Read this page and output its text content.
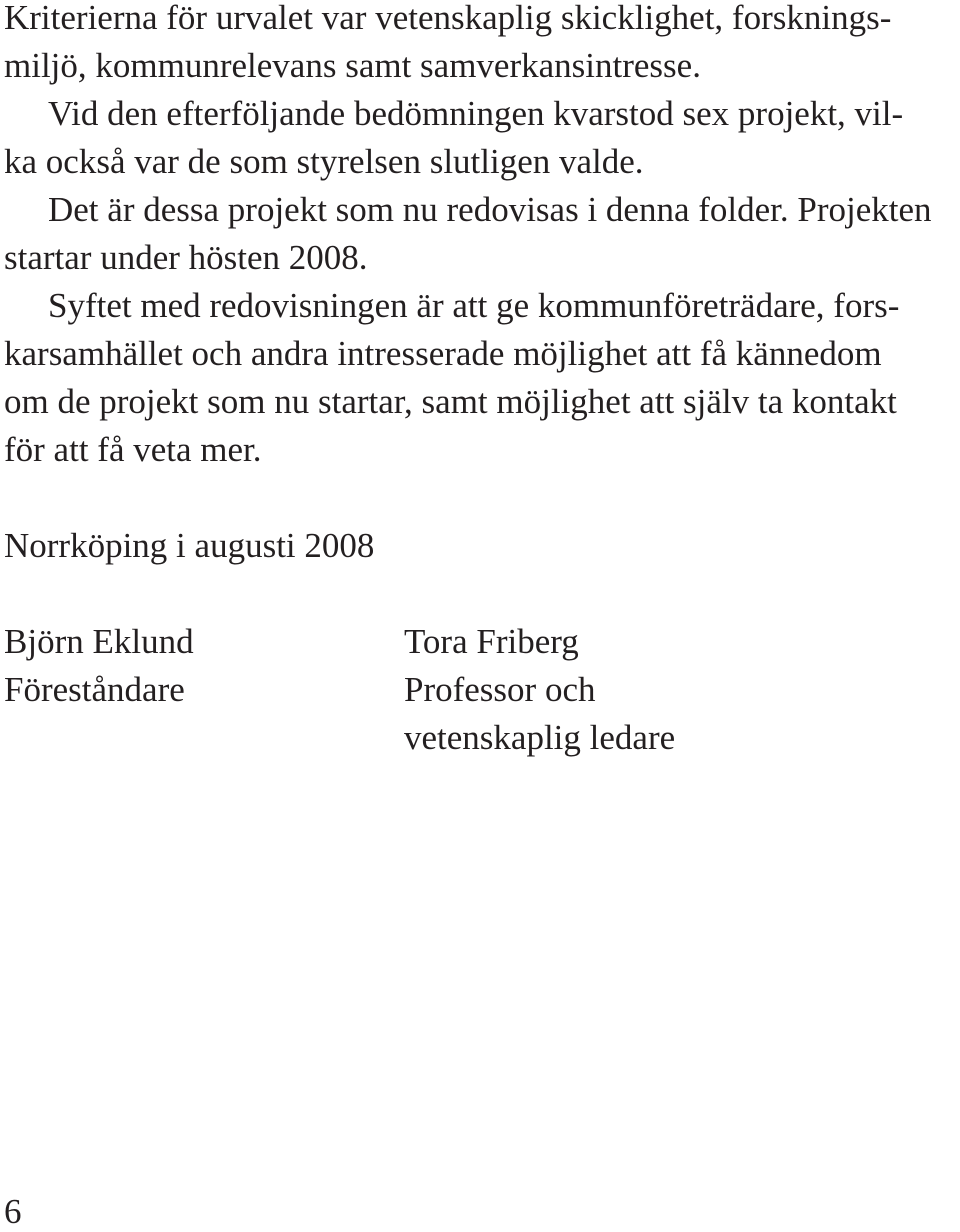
Kriterierna för urvalet var vetenskaplig skicklighet, forsknings-
miljö, kommunrelevans samt samverkansintresse.
Vid den efterföljande bedömningen kvarstod sex projekt, vil-
ka också var de som styrelsen slutligen valde.
Det är dessa projekt som nu redovisas i denna folder. Projekten
startar under hösten 2008.
Syftet med redovisningen är att ge kommunföreträdare, fors-
karsamhället och andra intresserade möjlighet att få kännedom
om de projekt som nu startar, samt möjlighet att själv ta kontakt
för att få veta mer.
Norrköping i augusti 2008
Björn Eklund
Föreståndare
Tora Friberg
Professor och
vetenskaplig ledare
6
